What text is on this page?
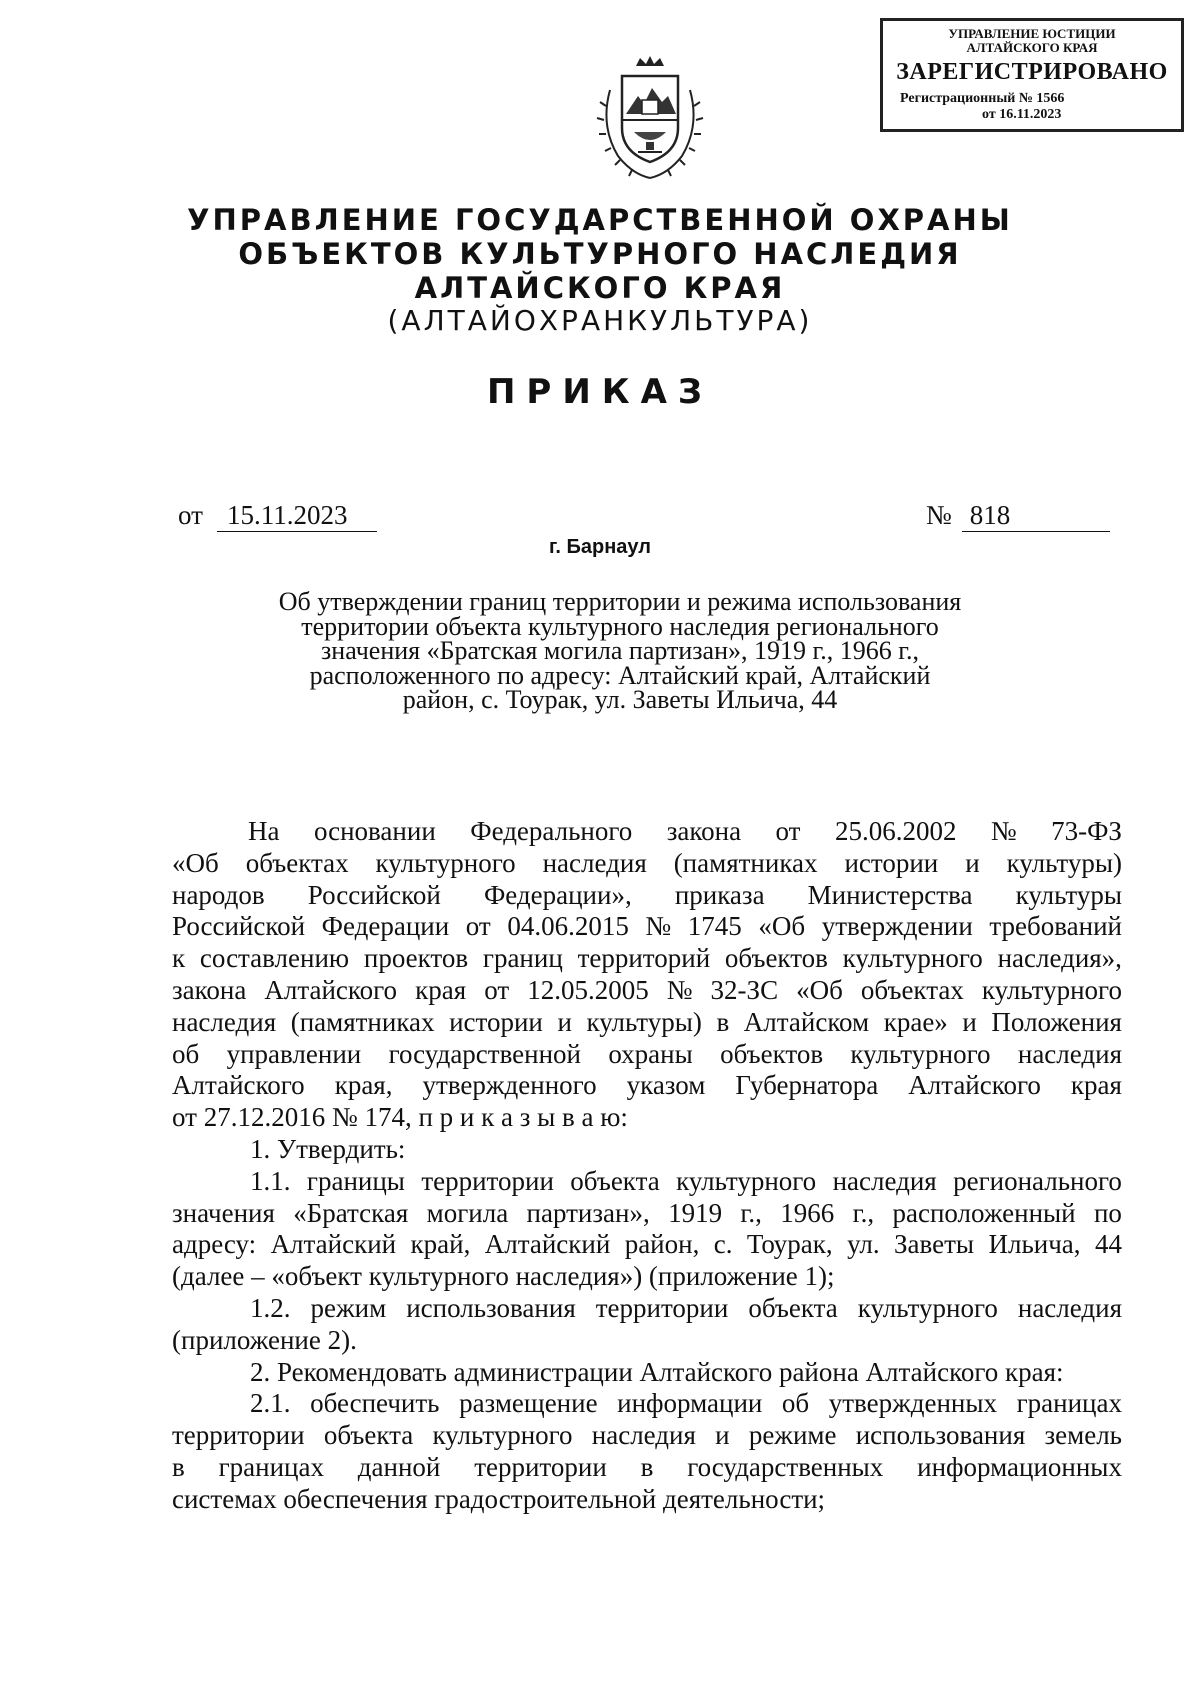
УПРАВЛЕНИЕ ЮСТИЦИИ
АЛТАЙСКОГО КРАЯ
ЗАРЕГИСТРИРОВАНО
Регистрационный № 1566
от 16.11.2023
УПРАВЛЕНИЕ ГОСУДАРСТВЕННОЙ ОХРАНЫ
ОБЪЕКТОВ КУЛЬТУРНОГО НАСЛЕДИЯ
АЛТАЙСКОГО КРАЯ
(АЛТАЙОХРАНКУЛЬТУРА)
ПРИКАЗ
от 15.11.2023	№ 818
г. Барнаул
Об утверждении границ территории и режима использования
территории объекта культурного наследия регионального
значения «Братская могила партизан», 1919 г., 1966 г.,
расположенного по адресу: Алтайский край, Алтайский
район, с. Тоурак, ул. Заветы Ильича, 44
На основании Федерального закона от 25.06.2002 № 73-ФЗ
«Об объектах культурного наследия (памятниках истории и культуры)
народов Российской Федерации», приказа Министерства культуры
Российской Федерации от 04.06.2015 № 1745 «Об утверждении требований
к составлению проектов границ территорий объектов культурного наследия»,
закона Алтайского края от 12.05.2005 № 32-ЗС «Об объектах культурного
наследия (памятниках истории и культуры) в Алтайском крае» и Положения
об управлении государственной охраны объектов культурного наследия
Алтайского края, утвержденного указом Губернатора Алтайского края
от 27.12.2016 № 174, п р и к а з ы в а ю:
1. Утвердить:
1.1. границы территории объекта культурного наследия регионального
значения «Братская могила партизан», 1919 г., 1966 г., расположенный по
адресу: Алтайский край, Алтайский район, с. Тоурак, ул. Заветы Ильича, 44
(далее – «объект культурного наследия») (приложение 1);
1.2. режим использования территории объекта культурного наследия
(приложение 2).
2. Рекомендовать администрации Алтайского района Алтайского края:
2.1. обеспечить размещение информации об утвержденных границах
территории объекта культурного наследия и режиме использования земель
в границах данной территории в государственных информационных
системах обеспечения градостроительной деятельности;
